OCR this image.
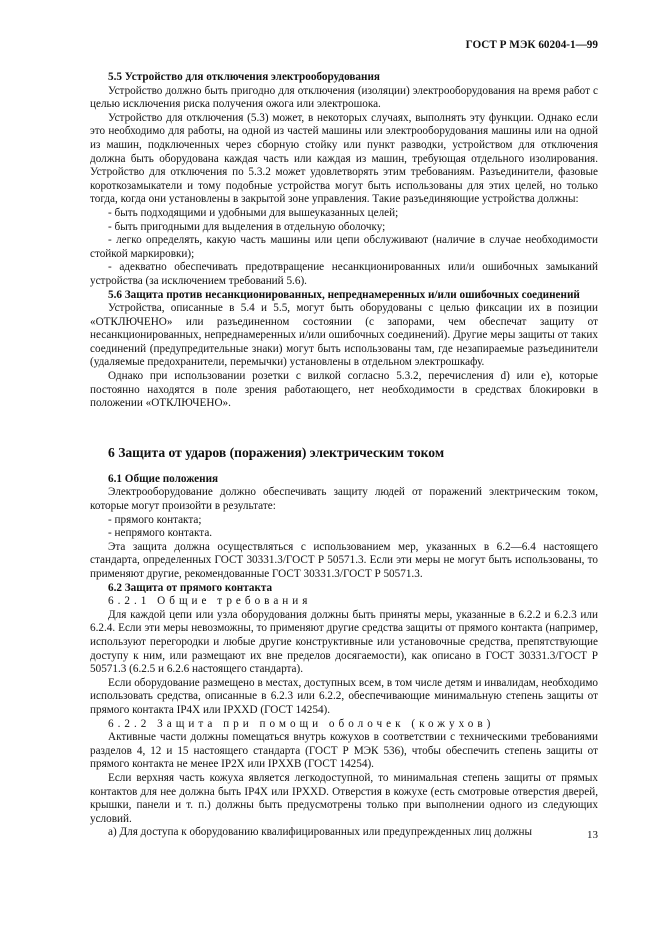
ГОСТ Р МЭК 60204-1—99

5.5 Устройство для отключения электрооборудования

Устройство должно быть пригодно для отключения (изоляции) электрооборудования на время работ с целью исключения риска получения ожога или электрошока.

Устройство для отключения (5.3) может, в некоторых случаях, выполнять эту функции. Однако если это необходимо для работы, на одной из частей машины или электрооборудования машины или на одной из машин, подключенных через сборную стойку или пункт разводки, устройством для отключения должна быть оборудована каждая часть или каждая из машин, требующая отдельного изолирования. Устройство для отключения по 5.3.2 может удовлетворять этим требованиям. Разъединители, фазовые короткозамыкатели и тому подобные устройства могут быть использованы для этих целей, но только тогда, когда они установлены в закрытой зоне управления. Такие разъединяющие устройства должны:

- быть подходящими и удобными для вышеуказанных целей;

- быть пригодными для выделения в отдельную оболочку;

- легко определять, какую часть машины или цепи обслуживают (наличие в случае необходимости стойкой маркировки);

- адекватно обеспечивать предотвращение несанкционированных или/и ошибочных замыканий устройства (за исключением требований 5.6).

5.6 Защита против несанкционированных, непреднамеренных и/или ошибочных соединений

Устройства, описанные в 5.4 и 5.5, могут быть оборудованы с целью фиксации их в позиции «ОТКЛЮЧЕНО» или разъединенном состоянии (с запорами, чем обеспечат защиту от несанкционированных, непреднамеренных и/или ошибочных соединений). Другие меры защиты от таких соединений (предупредительные знаки) могут быть использованы там, где незапираемые разъединители (удаляемые предохранители, перемычки) установлены в отдельном электрошкафу.

Однако при использовании розетки с вилкой согласно 5.3.2, перечисления d) или e), которые постоянно находятся в поле зрения работающего, нет необходимости в средствах блокировки в положении «ОТКЛЮЧЕНО».

6 Защита от ударов (поражения) электрическим током

6.1 Общие положения

Электрооборудование должно обеспечивать защиту людей от поражений электрическим током, которые могут произойти в результате:

- прямого контакта;

- непрямого контакта.

Эта защита должна осуществляться с использованием мер, указанных в 6.2—6.4 настоящего стандарта, определенных ГОСТ 30331.3/ГОСТ Р 50571.3. Если эти меры не могут быть использованы, то применяют другие, рекомендованные ГОСТ 30331.3/ГОСТ Р 50571.3.

6.2 Защита от прямого контакта

6.2.1 Общие требования

Для каждой цепи или узла оборудования должны быть приняты меры, указанные в 6.2.2 и 6.2.3 или 6.2.4. Если эти меры невозможны, то применяют другие средства защиты от прямого контакта (например, используют перегородки и любые другие конструктивные или установочные средства, препятствующие доступу к ним, или размещают их вне пределов досягаемости), как описано в ГОСТ 30331.3/ГОСТ Р 50571.3 (6.2.5 и 6.2.6 настоящего стандарта).

Если оборудование размещено в местах, доступных всем, в том числе детям и инвалидам, необходимо использовать средства, описанные в 6.2.3 или 6.2.2, обеспечивающие минимальную степень защиты от прямого контакта IP4X или IPXXD (ГОСТ 14254).

6.2.2 Защита при помощи оболочек (кожухов)

Активные части должны помещаться внутрь кожухов в соответствии с техническими требованиями разделов 4, 12 и 15 настоящего стандарта (ГОСТ Р МЭК 536), чтобы обеспечить степень защиты от прямого контакта не менее IP2X или IPXXB (ГОСТ 14254).

Если верхняя часть кожуха является легкодоступной, то минимальная степень защиты от прямых контактов для нее должна быть IP4X или IPXXD. Отверстия в кожухе (есть смотровые отверстия дверей, крышки, панели и т. п.) должны быть предусмотрены только при выполнении одного из следующих условий.

а) Для доступа к оборудованию квалифицированных или предупрежденных лиц должны	13
